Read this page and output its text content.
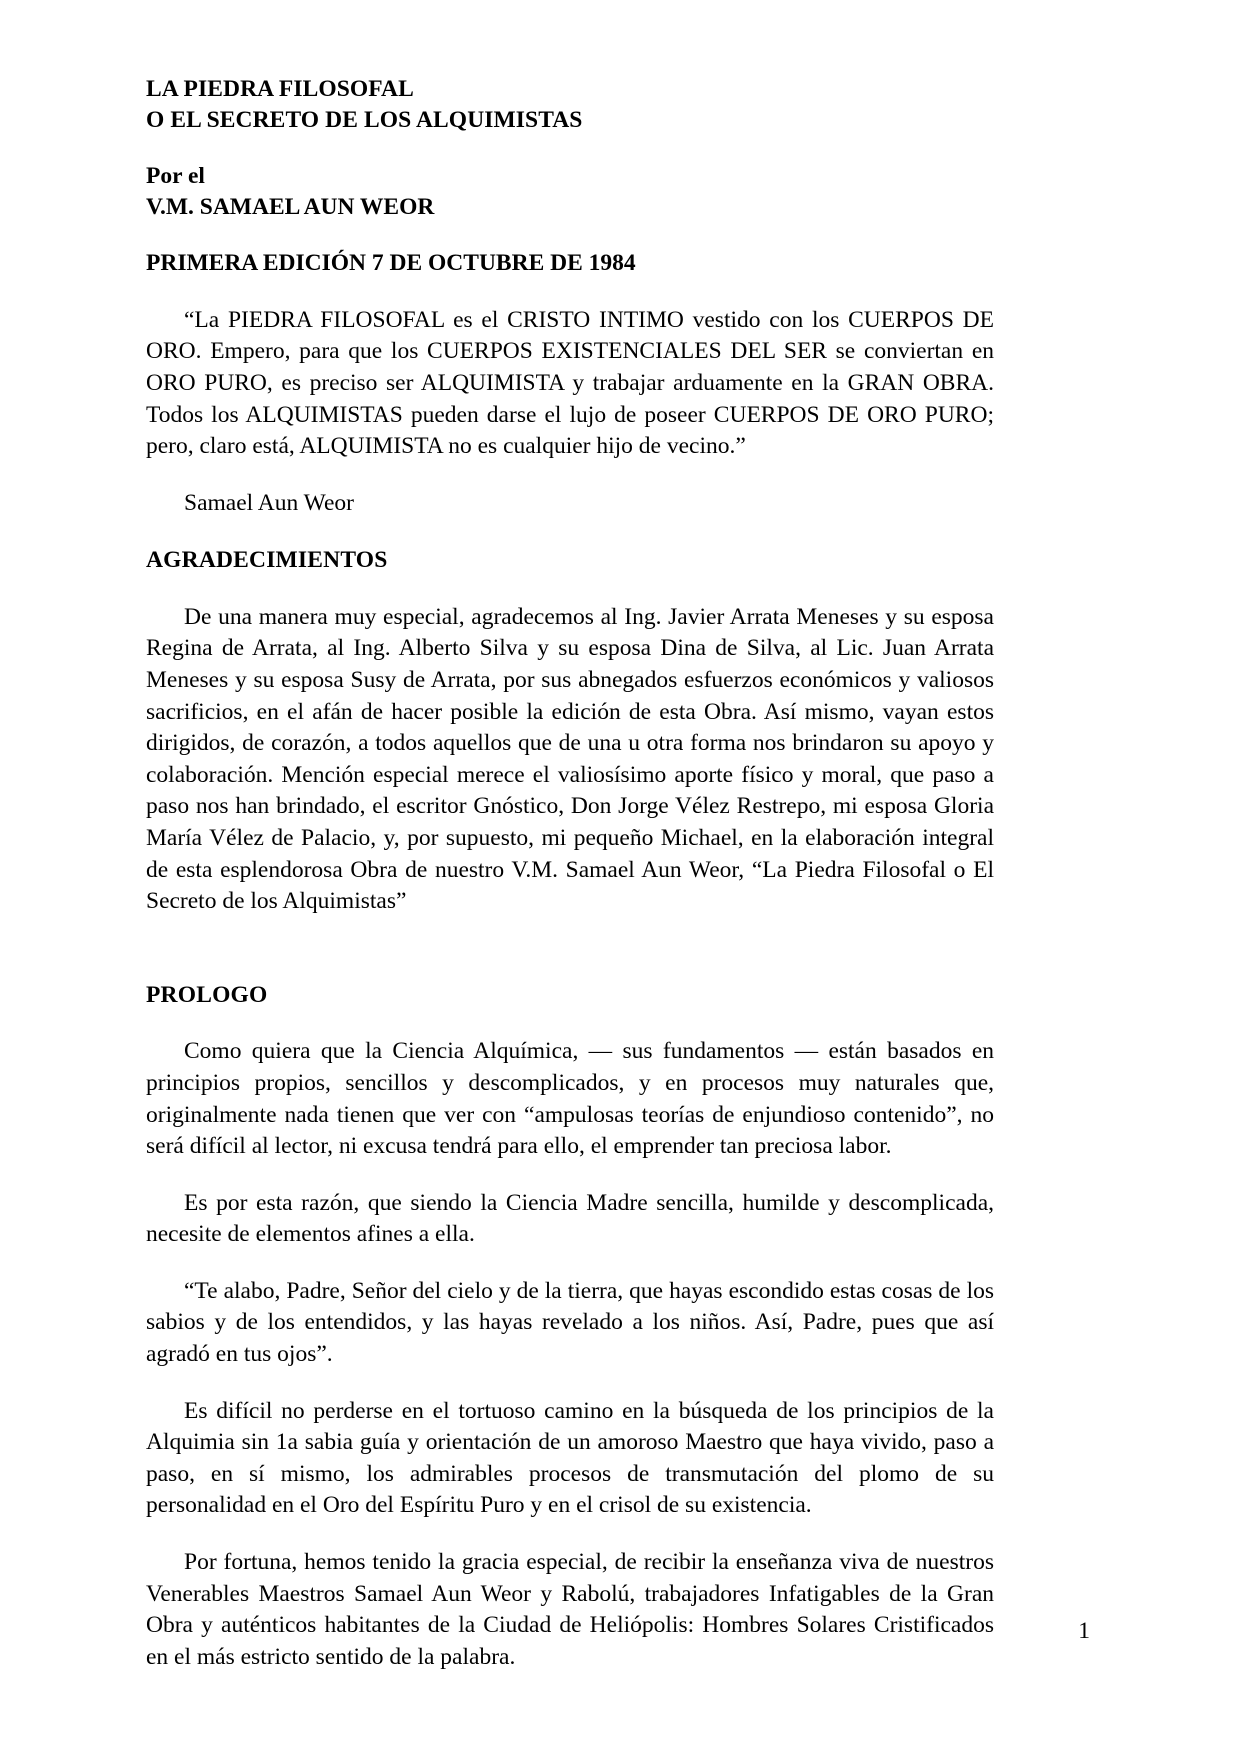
LA PIEDRA FILOSOFAL
O EL SECRETO DE LOS ALQUIMISTAS
Por el
V.M. SAMAEL AUN WEOR
PRIMERA EDICIÓN 7 DE OCTUBRE DE 1984

“La PIEDRA FILOSOFAL es el CRISTO INTIMO vestido con los CUERPOS DE ORO. Empero, para que los CUERPOS EXISTENCIALES DEL SER se conviertan en ORO PURO, es preciso ser ALQUIMISTA y trabajar arduamente en la GRAN OBRA. Todos los ALQUIMISTAS pueden darse el lujo de poseer CUERPOS DE ORO PURO; pero, claro está, ALQUIMISTA no es cualquier hijo de vecino.”

Samael Aun Weor

AGRADECIMIENTOS

De una manera muy especial, agradecemos al Ing. Javier Arrata Meneses y su esposa Regina de Arrata, al Ing. Alberto Silva y su esposa Dina de Silva, al Lic. Juan Arrata Meneses y su esposa Susy de Arrata, por sus abnegados esfuerzos económicos y valiosos sacrificios, en el afán de hacer posible la edición de esta Obra. Así mismo, vayan estos dirigidos, de corazón, a todos aquellos que de una u otra forma nos brindaron su apoyo y colaboración. Mención especial merece el valiosísimo aporte físico y moral, que paso a paso nos han brindado, el escritor Gnóstico, Don Jorge Vélez Restrepo, mi esposa Gloria María Vélez de Palacio, y, por supuesto, mi pequeño Michael, en la elaboración integral de esta esplendorosa Obra de nuestro V.M. Samael Aun Weor, “La Piedra Filosofal o El Secreto de los Alquimistas”

PROLOGO

Como quiera que la Ciencia Alquímica, — sus fundamentos — están basados en principios propios, sencillos y descomplicados, y en procesos muy naturales que, originalmente nada tienen que ver con “ampulosas teorías de enjundioso contenido”, no será difícil al lector, ni excusa tendrá para ello, el emprender tan preciosa labor.

Es por esta razón, que siendo la Ciencia Madre sencilla, humilde y descomplicada, necesite de elementos afines a ella.

“Te alabo, Padre, Señor del cielo y de la tierra, que hayas escondido estas cosas de los sabios y de los entendidos, y las hayas revelado a los niños. Así, Padre, pues que así agradó en tus ojos”.

Es difícil no perderse en el tortuoso camino en la búsqueda de los principios de la Alquimia sin 1a sabia guía y orientación de un amoroso Maestro que haya vivido, paso a paso, en sí mismo, los admirables procesos de transmutación del plomo de su personalidad en el Oro del Espíritu Puro y en el crisol de su existencia.

Por fortuna, hemos tenido la gracia especial, de recibir la enseñanza viva de nuestros Venerables Maestros Samael Aun Weor y Rabolú, trabajadores Infatigables de la Gran Obra y auténticos habitantes de la Ciudad de Heliópolis: Hombres Solares Cristificados en el más estricto sentido de la palabra.

1
